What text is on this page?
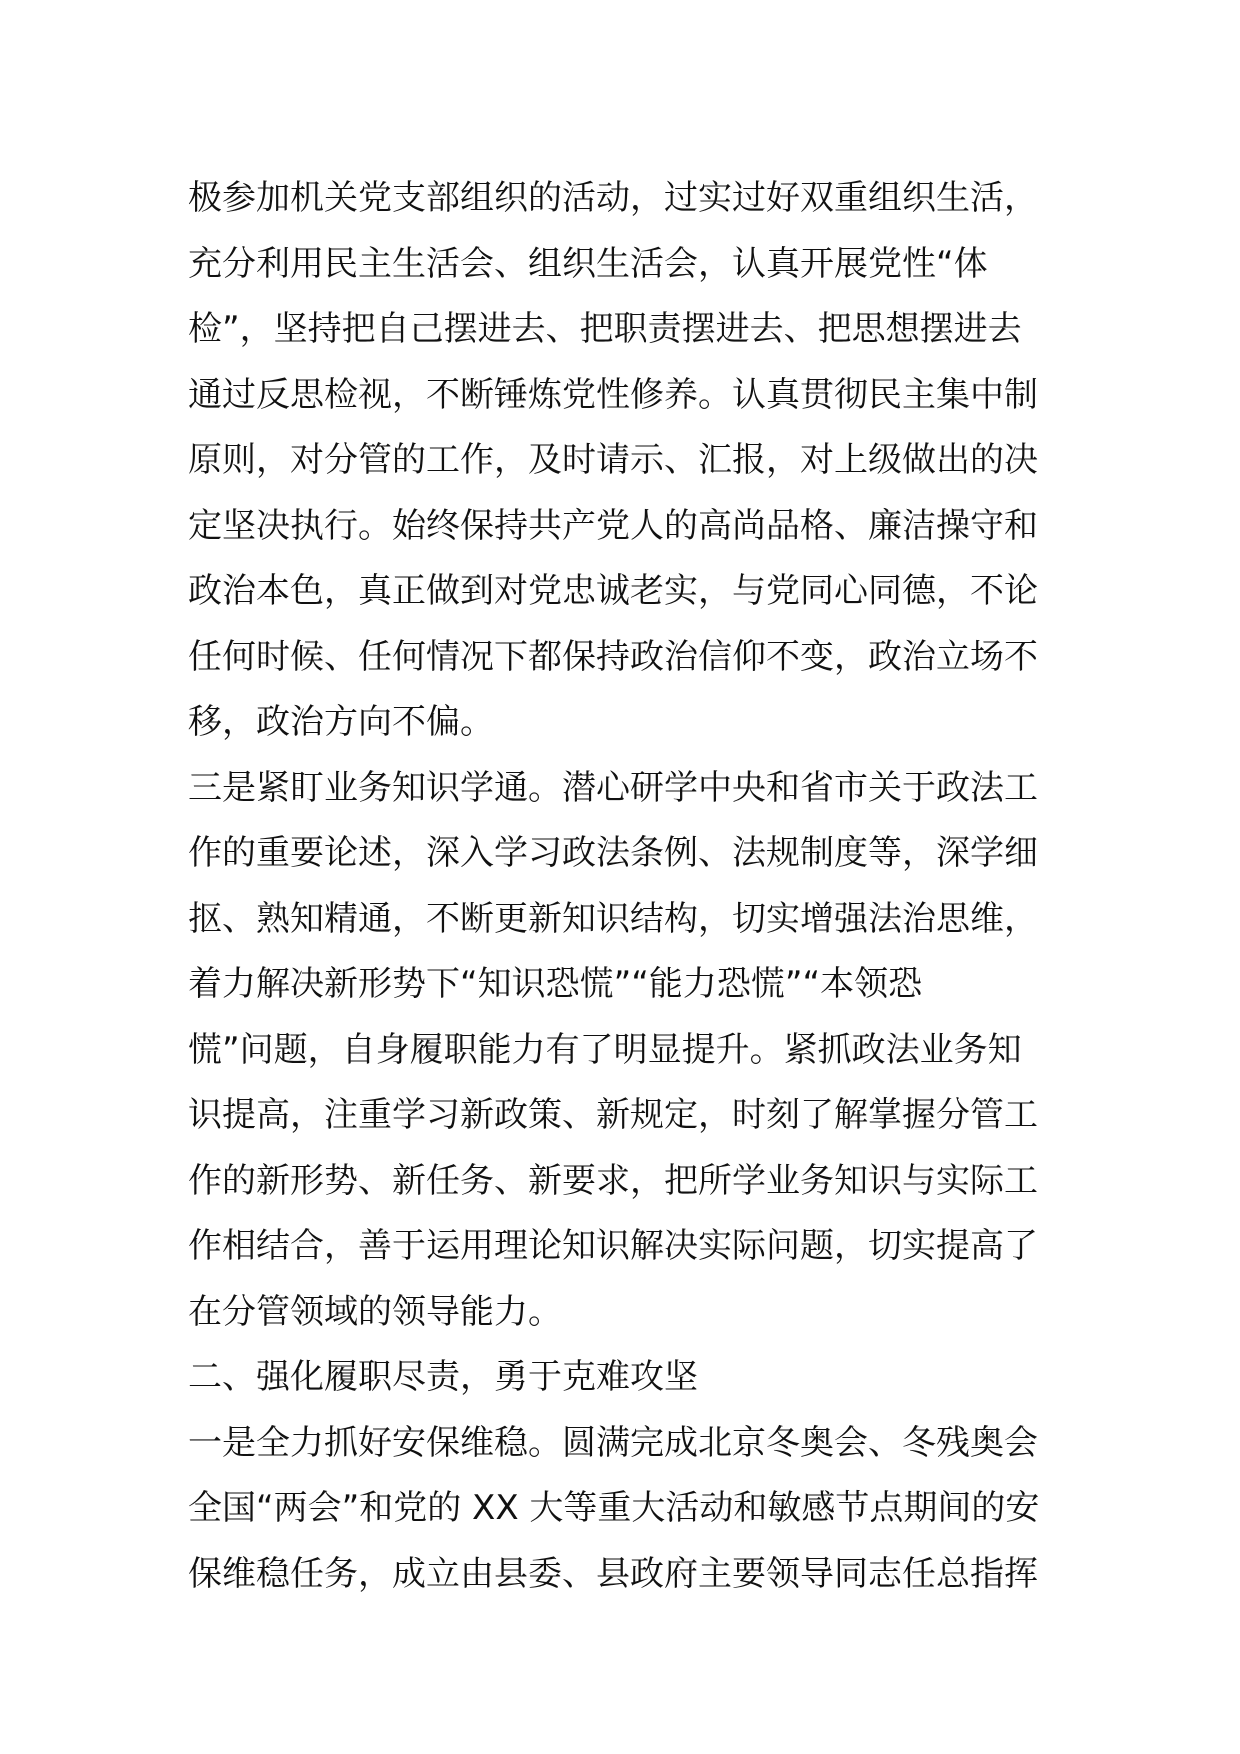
极参加机关党支部组织的活动，过实过好双重组织生活，
充分利用民主生活会、组织生活会，认真开展党性“体
检”，坚持把自己摆进去、把职责摆进去、把思想摆进去
通过反思检视，不断锤炼党性修养。认真贯彻民主集中制
原则，对分管的工作，及时请示、汇报，对上级做出的决
定坚决执行。始终保持共产党人的高尚品格、廉洁操守和
政治本色，真正做到对党忠诚老实，与党同心同德，不论
任何时候、任何情况下都保持政治信仰不变，政治立场不
移，政治方向不偏。
三是紧盯业务知识学通。潜心研学中央和省市关于政法工
作的重要论述，深入学习政法条例、法规制度等，深学细
抠、熟知精通，不断更新知识结构，切实增强法治思维，
着力解决新形势下“知识恐慌”“能力恐慌”“本领恐
慌”问题，自身履职能力有了明显提升。紧抓政法业务知
识提高，注重学习新政策、新规定，时刻了解掌握分管工
作的新形势、新任务、新要求，把所学业务知识与实际工
作相结合，善于运用理论知识解决实际问题，切实提高了
在分管领域的领导能力。
二、强化履职尽责，勇于克难攻坚
一是全力抓好安保维稳。圆满完成北京冬奥会、冬残奥会
全国“两会”和党的 XX 大等重大活动和敏感节点期间的安
保维稳任务，成立由县委、县政府主要领导同志任总指挥
